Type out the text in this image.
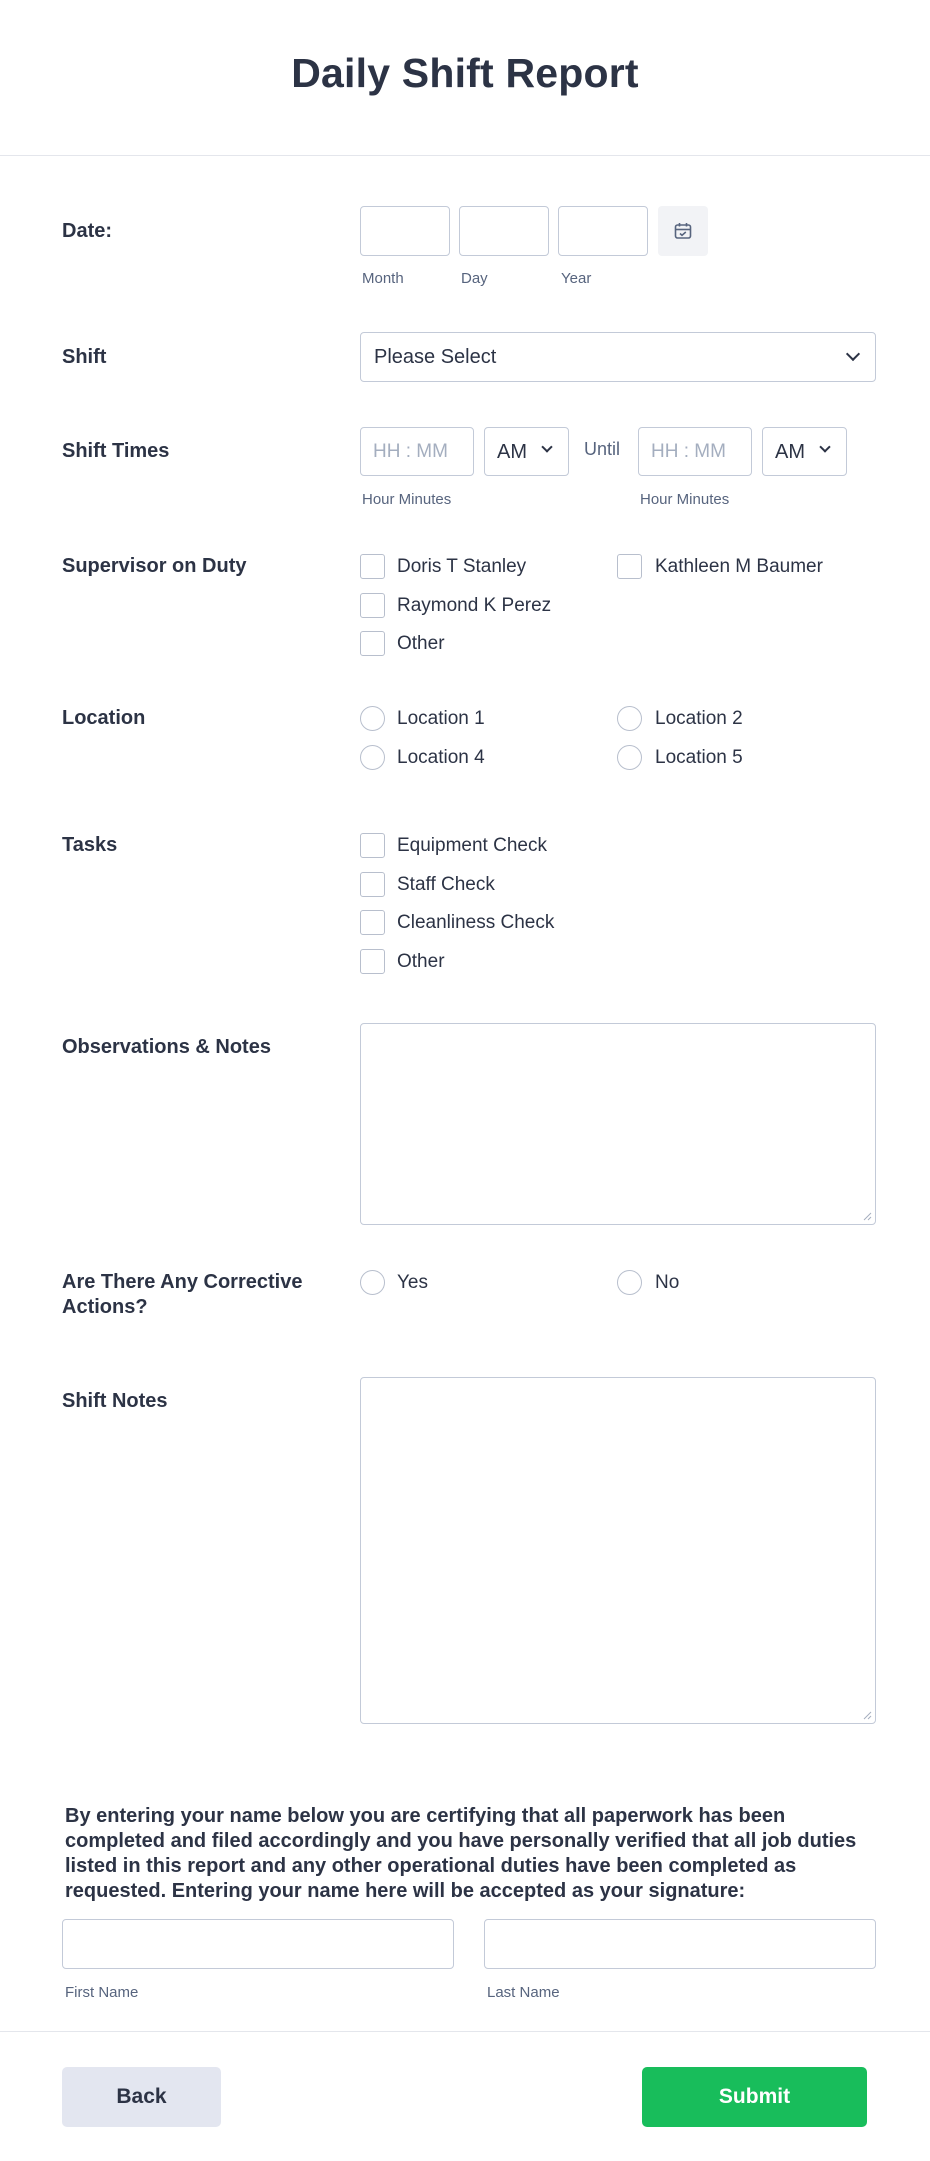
Daily Shift Report
Date:
Month	Day	Year
Shift	Please Select
Shift Times	HH : MM AM	Until HH : MM AM
Hour Minutes	Hour Minutes
Supervisor on Duty	Doris T Stanley	Kathleen M Baumer
Raymond K Perez
Other
Location	Location 1	Location 2
Location 4	Location 5
Tasks	Equipment Check
Staff Check
Cleanliness Check
Other
Observations & Notes
Are There Any Corrective
Actions?
Yes	No
Shift Notes
By entering your name below you are certifying that all paperwork has been completed and filed accordingly and you have personally verified that all job duties listed in this report and any other operational duties have been completed as requested. Entering your name here will be accepted as your signature:
First Name	Last Name
Back	Submit
